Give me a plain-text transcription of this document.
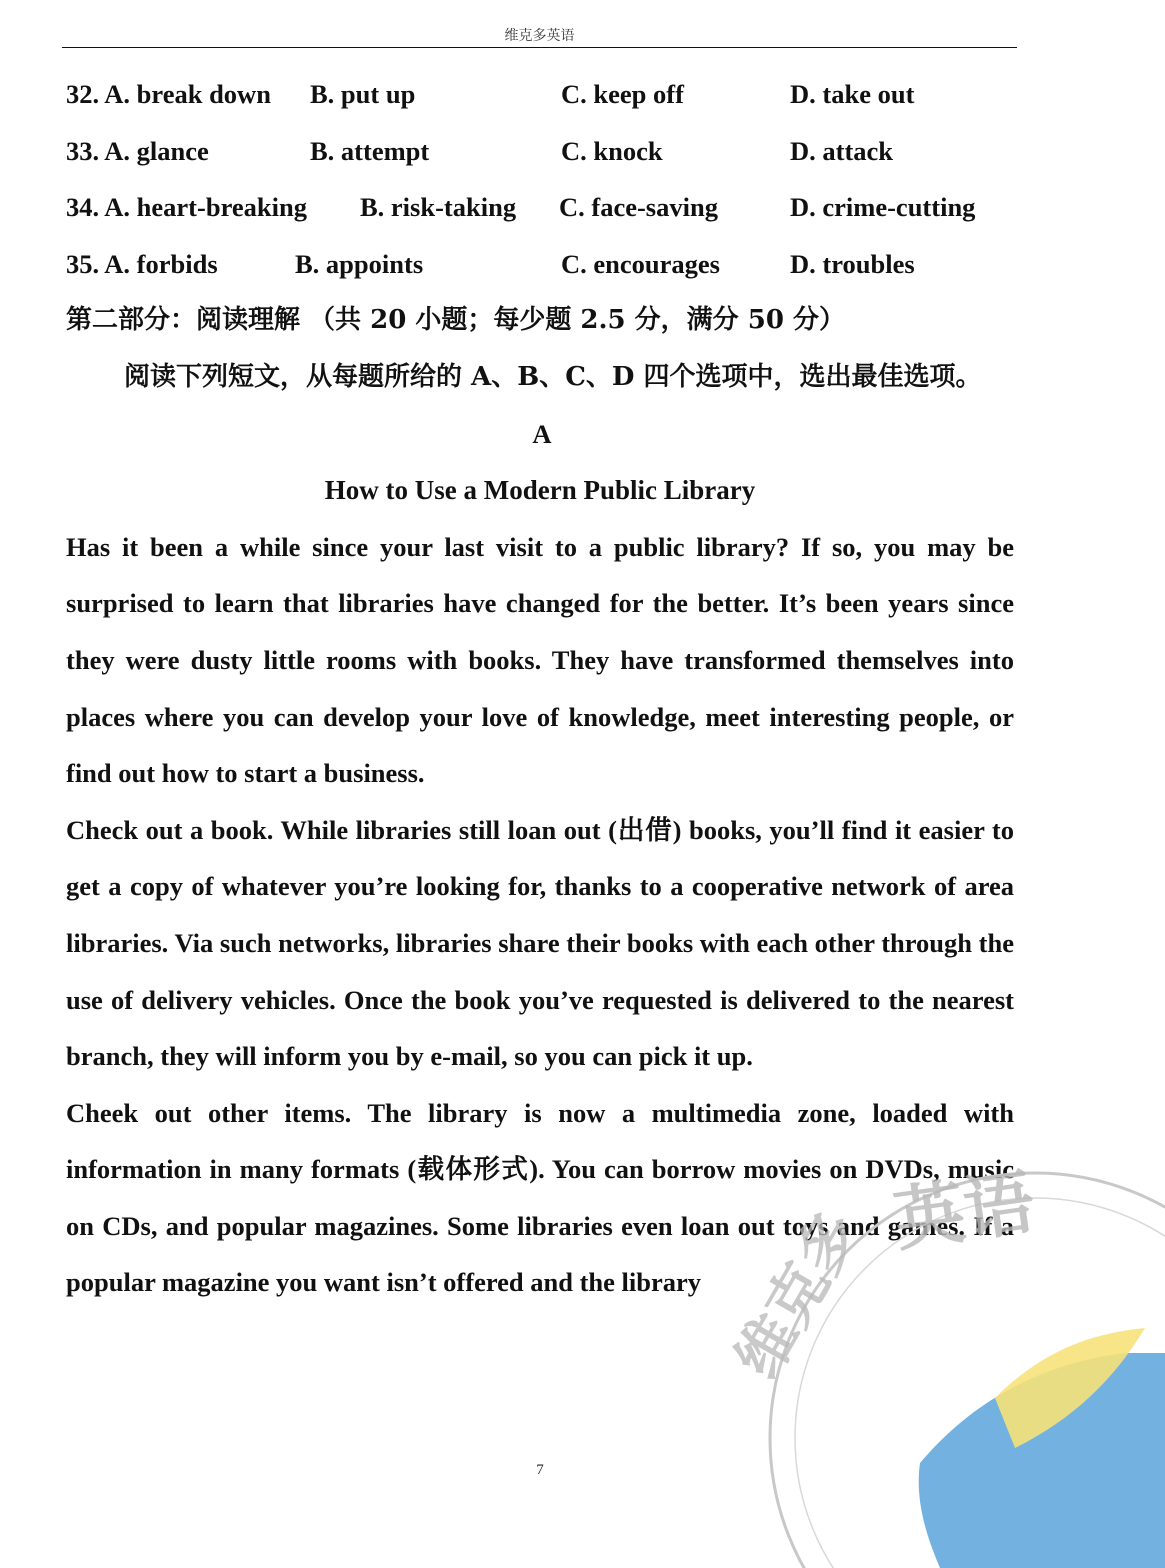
维克多英语
32. A. break down B. put up	C. keep off	D. take out
33. A. glance	B. attempt	C. knock	D. attack
34. A. heart-breaking B. risk-taking C. face-saving	D. crime-cutting
35. A. forbids	B. appoints	C. encourages	D. troubles
第二部分：阅读理解 （共 20 小题；每少题 2.5 分，满分 50 分）
阅读下列短文，从每题所给的 A、B、C、D 四个选项中，选出最佳选项。
A
How to Use a Modern Public Library

Has it been a while since your last visit to a public library? If so, you may be surprised to learn that libraries have changed for the better. It’s been years since they were dusty little rooms with books. They have transformed themselves into places where you can develop your love of knowledge, meet interesting people, or find out how to start a business.

Check out a book. While libraries still loan out (出借) books, you’ll find it easier to get a copy of whatever you’re looking for, thanks to a cooperative network of area libraries. Via such networks, libraries share their books with each other through the use of delivery vehicles. Once the book you’ve requested is delivered to the nearest branch, they will inform you by e-mail, so you can pick it up.

Cheek out other items. The library is now a multimedia zone, loaded with information in many formats (载体形式). You can borrow movies on DVDs, music on CDs, and popular magazines. Some libraries even loan out toys and games. If a popular magazine you want isn’t offered and the library

英语
维克多
7
